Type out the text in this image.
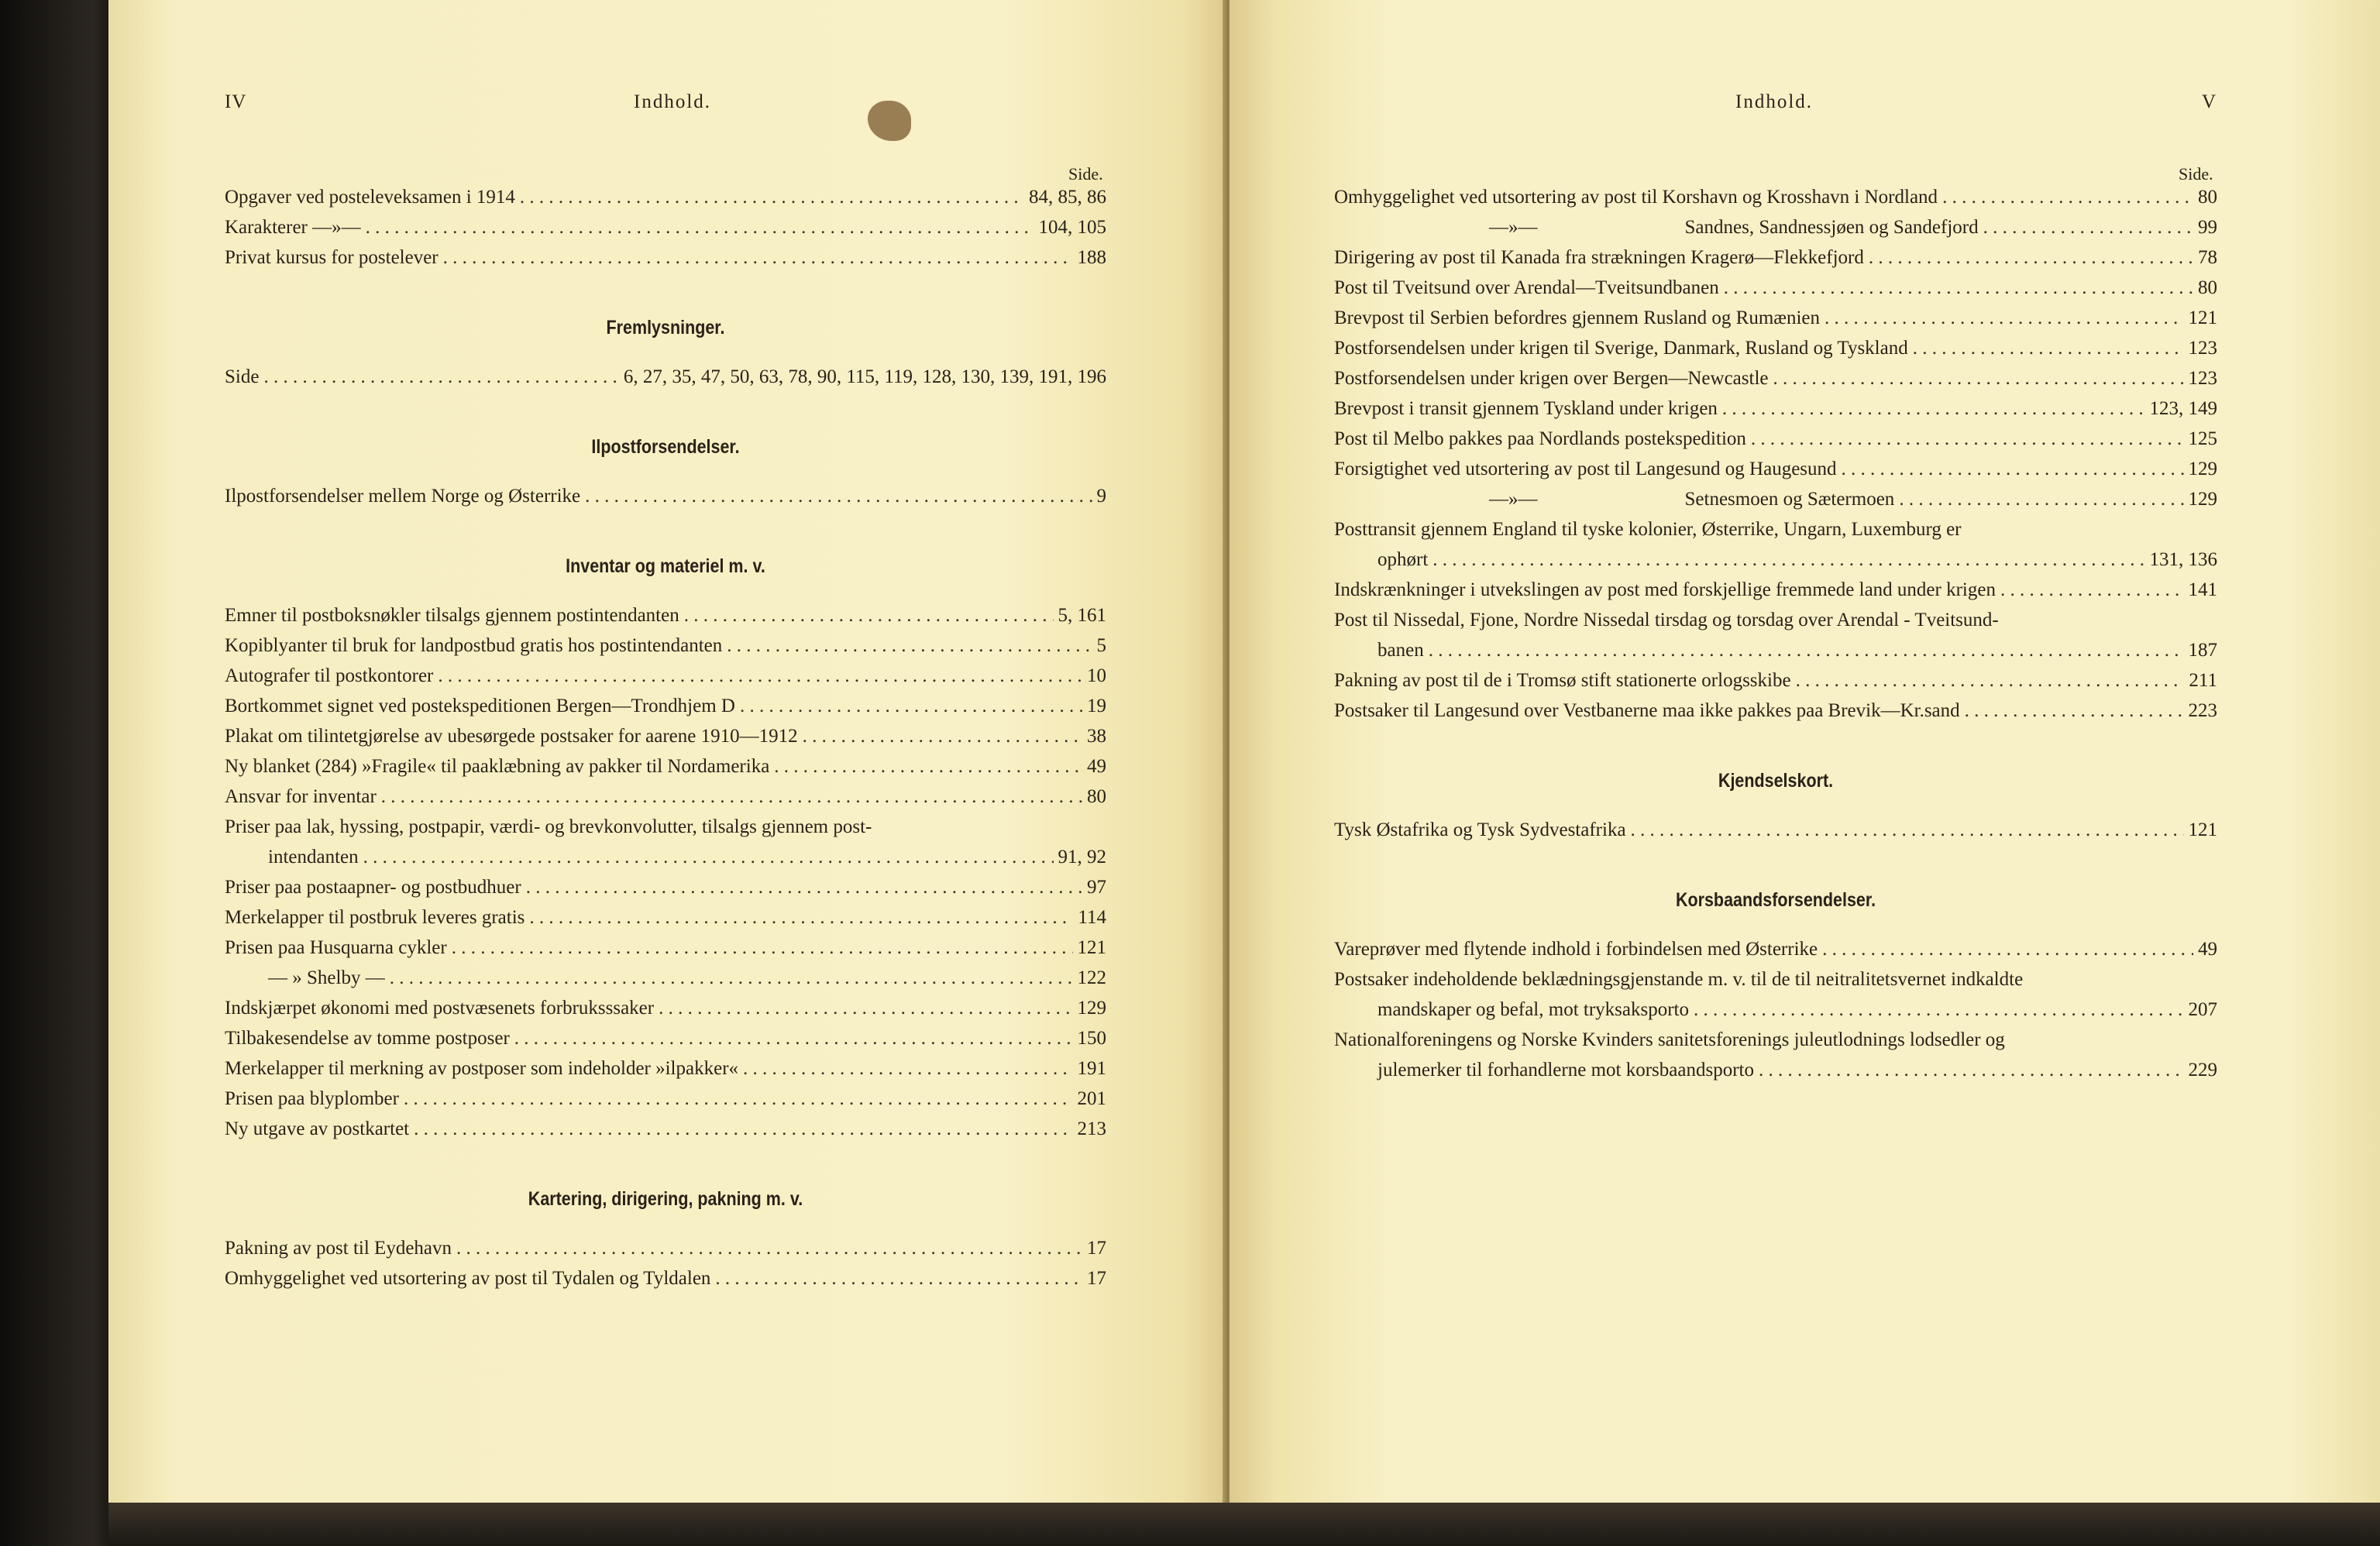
IV	Indhold.
Side.
Opgaver ved posteleveksamen i 1914 . . .	84, 85, 86
Karakterer —»— . . .	104, 105
Privat kursus for postelever . . .	188
Fremlysninger.
Side . . .	6, 27, 35, 47, 50, 63, 78, 90, 115, 119, 128, 130, 139, 191, 196
Ilpostforsendelser.
Ilpostforsendelser mellem Norge og Østerrike . . .	9
Inventar og materiel m. v.
Emner til postboksnøkler tilsalgs gjennem postintendanten . . .	5, 161
Kopiblyanter til bruk for landpostbud gratis hos postintendanten . . .	5
Autografer til postkontorer . . .	10
Bortkommet signet ved postekspeditionen Bergen—Trondhjem D . . .	19
Plakat om tilintetgjørelse av ubesørgede postsaker for aarene 1910—1912 . . .	38
Ny blanket (284) »Fragile« til paaklæbning av pakker til Nordamerika . . .	49
Ansvar for inventar . . .	80
Priser paa lak, hyssing, postpapir, værdi- og brevkonvolutter, tilsalgs gjennem post-
intendanten . . .	91, 92
Priser paa postaapner- og postbudhuer . . .	97
Merkelapper til postbruk leveres gratis . . .	114
Prisen paa Husquarna cykler . . .	121
— » Shelby — . . .	122
Indskjærpet økonomi med postvæsenets forbruksssaker . . .	129
Tilbakesendelse av tomme postposer . . .	150
Merkelapper til merkning av postposer som indeholder »ilpakker« . . .	191
Prisen paa blyplomber . . .	201
Ny utgave av postkartet . . .	213
Kartering, dirigering, pakning m. v.
Pakning av post til Eydehavn . . .	17
Omhyggelighet ved utsortering av post til Tydalen og Tyldalen . . .	17
Indhold.	V
Side.
Omhyggelighet ved utsortering av post til Korshavn og Krosshavn i Nordland . . .	80
—»—	Sandnes, Sandnessjøen og Sandefjord . . .	99
Dirigering av post til Kanada fra strækningen Kragerø—Flekkefjord . . .	78
Post til Tveitsund over Arendal—Tveitsundbanen . . .	80
Brevpost til Serbien befordres gjennem Rusland og Rumænien . . .	121
Postforsendelsen under krigen til Sverige, Danmark, Rusland og Tyskland . . .	123
Postforsendelsen under krigen over Bergen—Newcastle . . .	123
Brevpost i transit gjennem Tyskland under krigen . . .	123, 149
Post til Melbo pakkes paa Nordlands postekspedition . . .	125
Forsigtighet ved utsortering av post til Langesund og Haugesund . . .	129
—»—	Setnesmoen og Sætermoen . . .	129
Posttransit gjennem England til tyske kolonier, Østerrike, Ungarn, Luxemburg er
ophørt . . .	131, 136
Indskrænkninger i utvekslingen av post med forskjellige fremmede land under krigen . . .	141
Post til Nissedal, Fjone, Nordre Nissedal tirsdag og torsdag over Arendal - Tveitsund-
banen . . .	187
Pakning av post til de i Tromsø stift stationerte orlogsskibe . . .	211
Postsaker til Langesund over Vestbanerne maa ikke pakkes paa Brevik—Kr.sand . . .	223
Kjendselskort.
Tysk Østafrika og Tysk Sydvestafrika . . .	121
Korsbaandsforsendelser.
Vareprøver med flytende indhold i forbindelsen med Østerrike . . .	49
Postsaker indeholdende beklædningsgjenstande m. v. til de til neitralitetsvernet indkaldte
mandskaper og befal, mot tryksaksporto . . .	207
Nationalforeningens og Norske Kvinders sanitetsforenings juleutlodnings lodsedler og
julemerker til forhandlerne mot korsbaandsporto . . .	229
